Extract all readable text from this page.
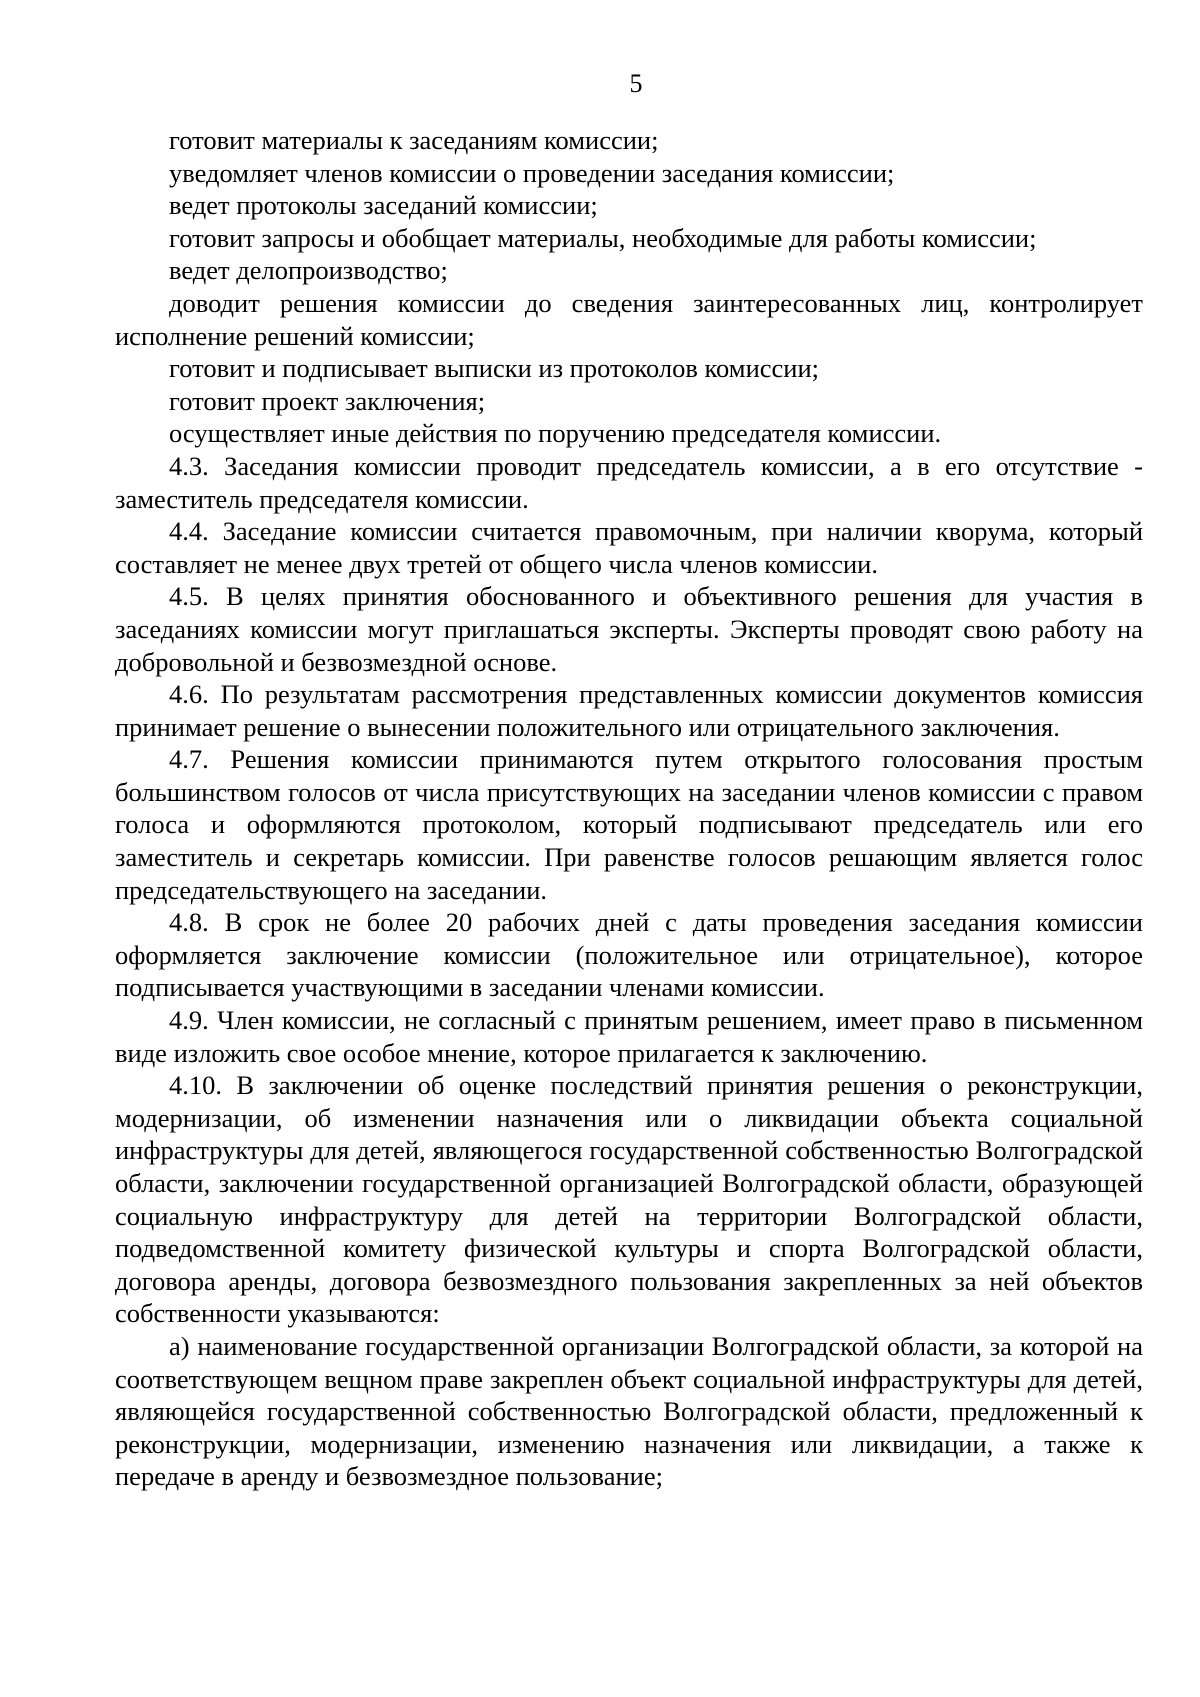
5

готовит материалы к заседаниям комиссии;

уведомляет членов комиссии о проведении заседания комиссии;

ведет протоколы заседаний комиссии;

готовит запросы и обобщает материалы, необходимые для работы комиссии;

ведет делопроизводство;

доводит решения комиссии до сведения заинтересованных лиц, контролирует исполнение решений комиссии;

готовит и подписывает выписки из протоколов комиссии;

готовит проект заключения;

осуществляет иные действия по поручению председателя комиссии.

4.3. Заседания комиссии проводит председатель комиссии, а в его отсутствие - заместитель председателя комиссии.

4.4. Заседание комиссии считается правомочным, при наличии кворума, который составляет не менее двух третей от общего числа членов комиссии.

4.5. В целях принятия обоснованного и объективного решения для участия в заседаниях комиссии могут приглашаться эксперты. Эксперты проводят свою работу на добровольной и безвозмездной основе.

4.6. По результатам рассмотрения представленных комиссии документов комиссия принимает решение о вынесении положительного или отрицательного заключения.

4.7. Решения комиссии принимаются путем открытого голосования простым большинством голосов от числа присутствующих на заседании членов комиссии с правом голоса и оформляются протоколом, который подписывают председатель или его заместитель и секретарь комиссии. При равенстве голосов решающим является голос председательствующего на заседании.

4.8. В срок не более 20 рабочих дней с даты проведения заседания комиссии оформляется заключение комиссии (положительное или отрицательное), которое подписывается участвующими в заседании членами комиссии.

4.9. Член комиссии, не согласный с принятым решением, имеет право в письменном виде изложить свое особое мнение, которое прилагается к заключению.

4.10. В заключении об оценке последствий принятия решения о реконструкции, модернизации, об изменении назначения или о ликвидации объекта социальной инфраструктуры для детей, являющегося государственной собственностью Волгоградской области, заключении государственной организацией Волгоградской области, образующей социальную инфраструктуру для детей на территории Волгоградской области, подведомственной комитету физической культуры и спорта Волгоградской области, договора аренды, договора безвозмездного пользования закрепленных за ней объектов собственности указываются:

а) наименование государственной организации Волгоградской области, за которой на соответствующем вещном праве закреплен объект социальной инфраструктуры для детей, являющейся государственной собственностью Волгоградской области, предложенный к реконструкции, модернизации, изменению назначения или ликвидации, а также к передаче в аренду и безвозмездное пользование;
